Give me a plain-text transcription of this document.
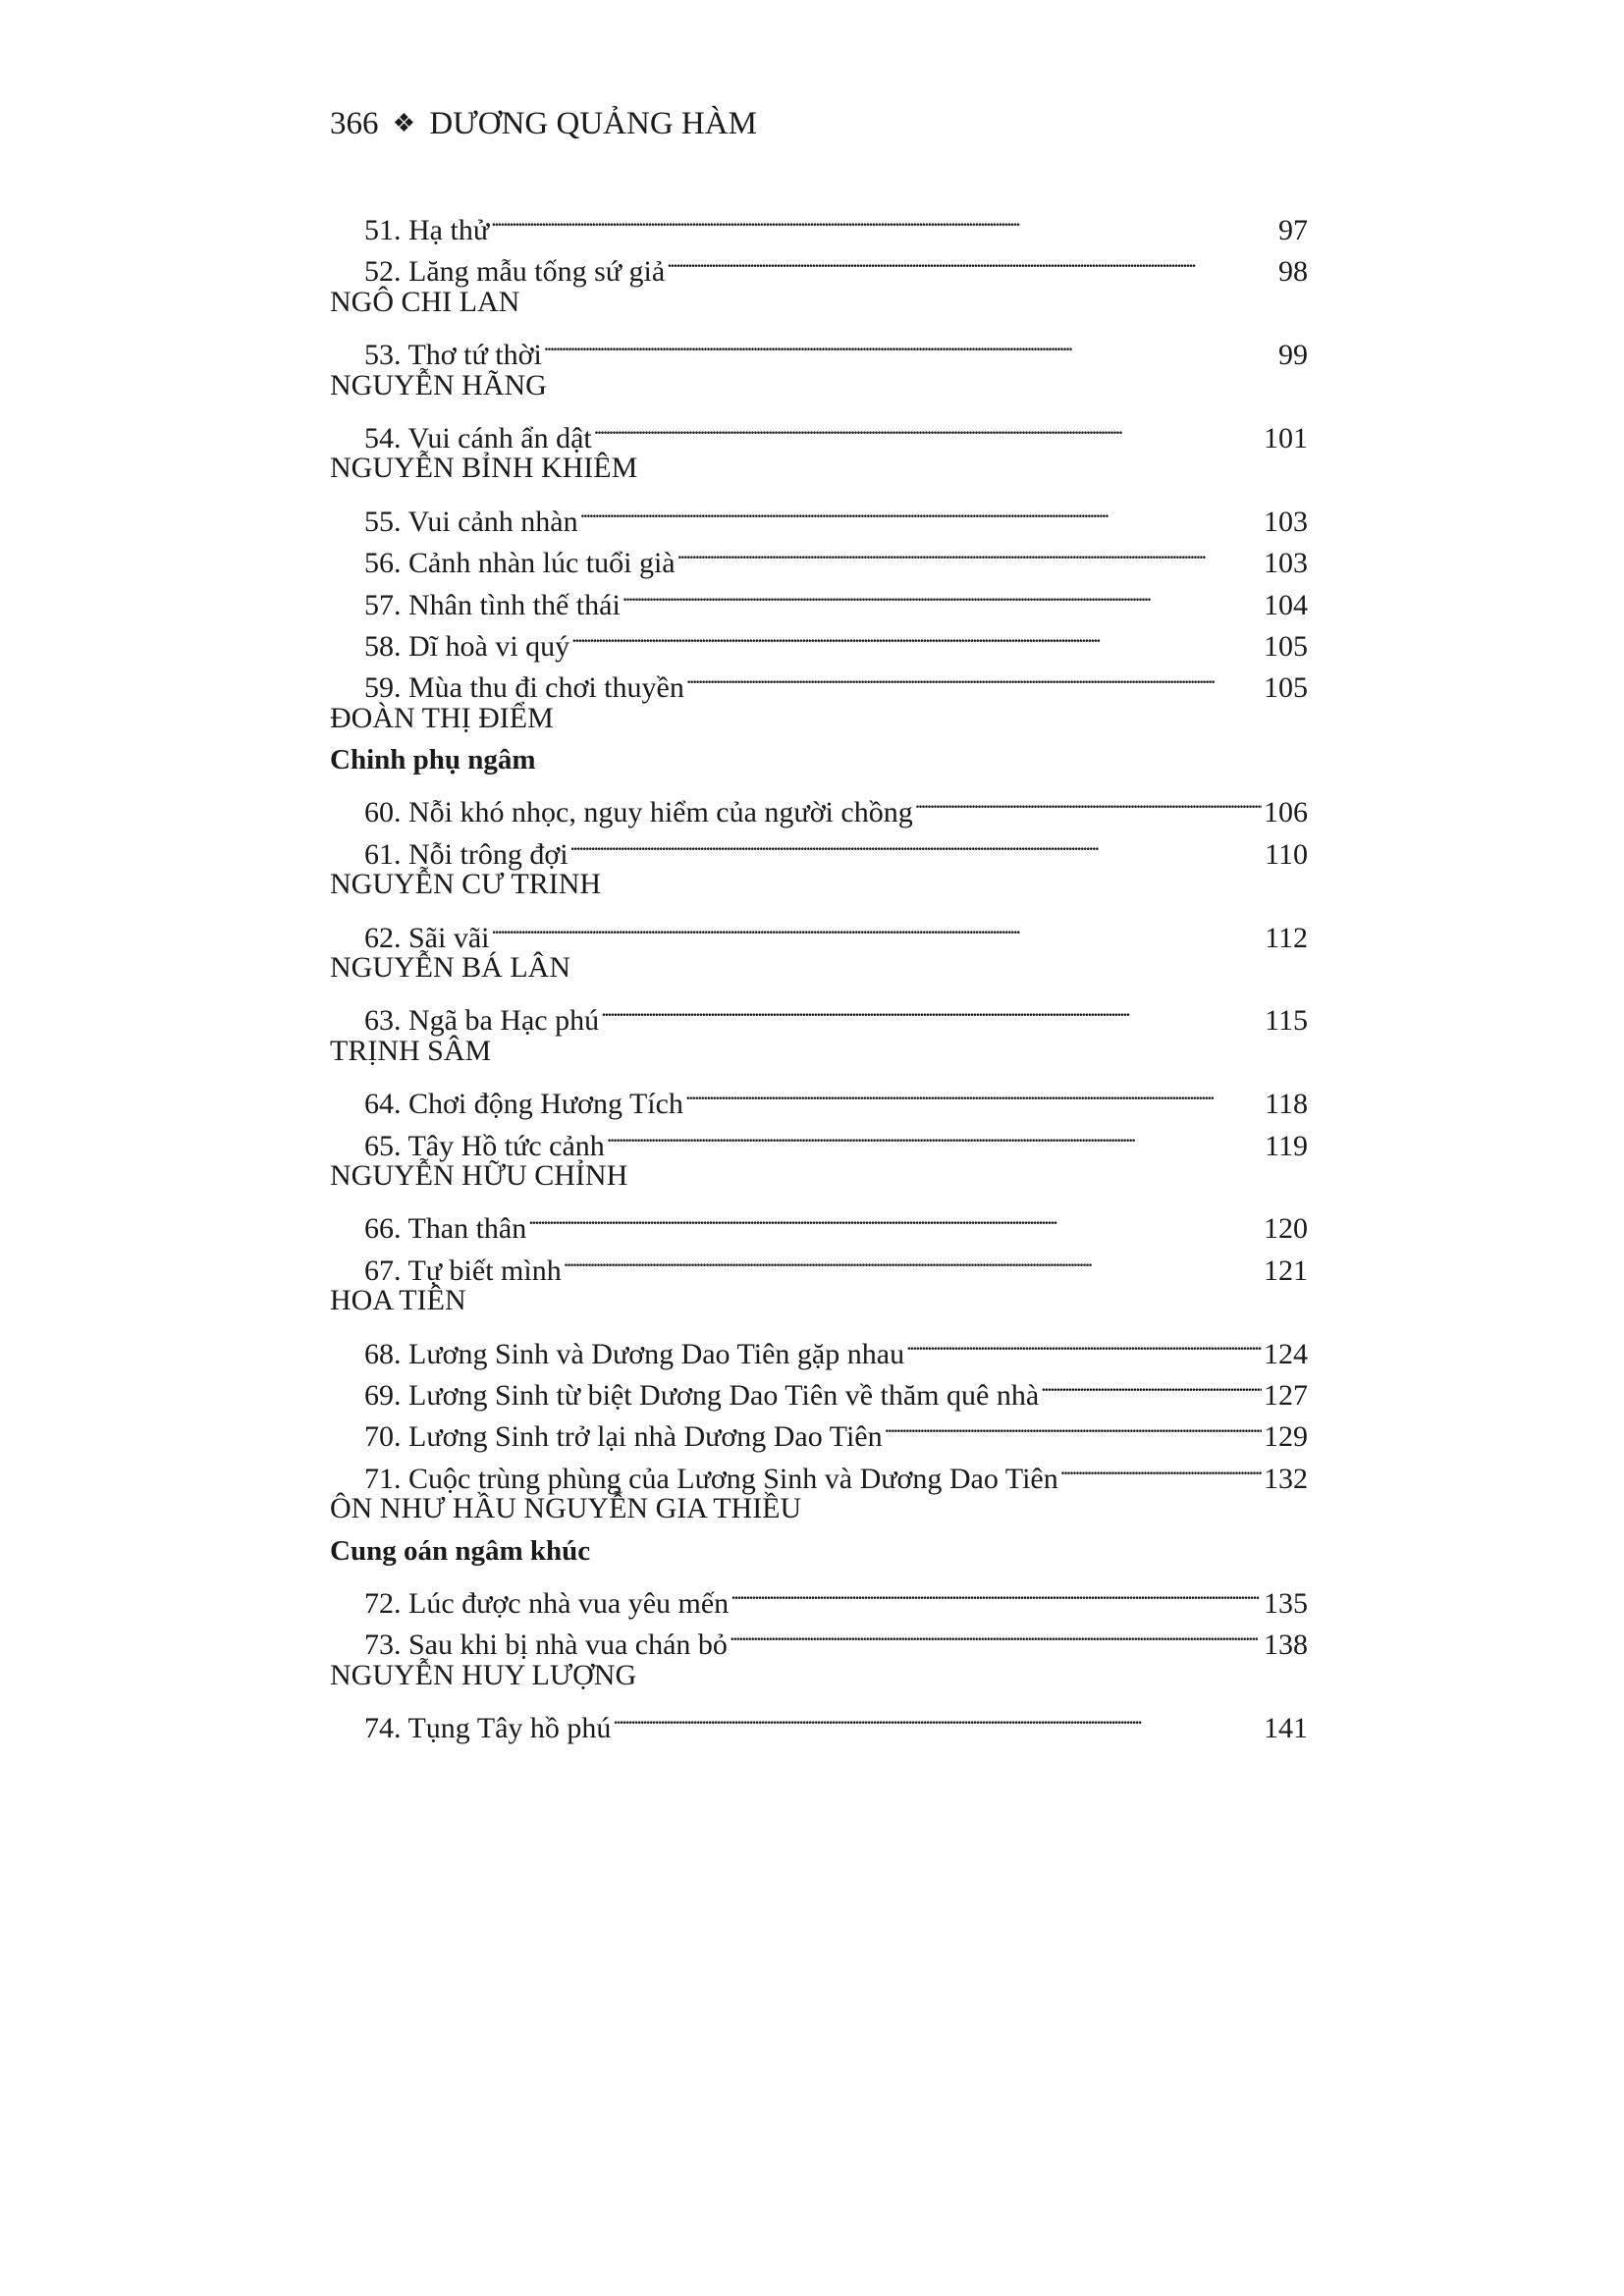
366 ❖ DƯƠNG QUẢNG HÀM
51. Hạ thử . . .	97
52. Lăng mẫu tống sứ giả . . .	98
NGÔ CHI LAN
53. Thơ tứ thời . . .	99
NGUYỄN HÃNG
54. Vui cánh ẩn dật . . .	101
NGUYỄN BỈNH KHIÊM
55. Vui cảnh nhàn . . .	103
56. Cảnh nhàn lúc tuổi già . . .	103
57. Nhân tình thế thái . . .	104
58. Dĩ hoà vi quý . . .	105
59. Mùa thu đi chơi thuyền . . .	105
ĐOÀN THỊ ĐIỂM
Chinh phụ ngâm
60. Nỗi khó nhọc, nguy hiểm của người chồng . . .	106
61. Nỗi trông đợi . . .	110
NGUYỄN CƯ TRINH
62. Sãi vãi . . .	112
NGUYỄN BÁ LÂN
63. Ngã ba Hạc phú . . .	115
TRỊNH SÂM
64. Chơi động Hương Tích . . .	118
65. Tây Hồ tức cảnh . . .	119
NGUYỄN HỮU CHỈNH
66. Than thân . . .	120
67. Tự biết mình . . .	121
HOA TIÊN
68. Lương Sinh và Dương Dao Tiên gặp nhau . . .	124
69. Lương Sinh từ biệt Dương Dao Tiên về thăm quê nhà . . .	127
70. Lương Sinh trở lại nhà Dương Dao Tiên . . .	129
71. Cuộc trùng phùng của Lương Sinh và Dương Dao Tiên . . .	132
ÔN NHƯ HẦU NGUYỄN GIA THIỀU
Cung oán ngâm khúc
72. Lúc được nhà vua yêu mến . . .	135
73. Sau khi bị nhà vua chán bỏ . . .	138
NGUYỄN HUY LƯỢNG
74. Tụng Tây hồ phú . . .	141
